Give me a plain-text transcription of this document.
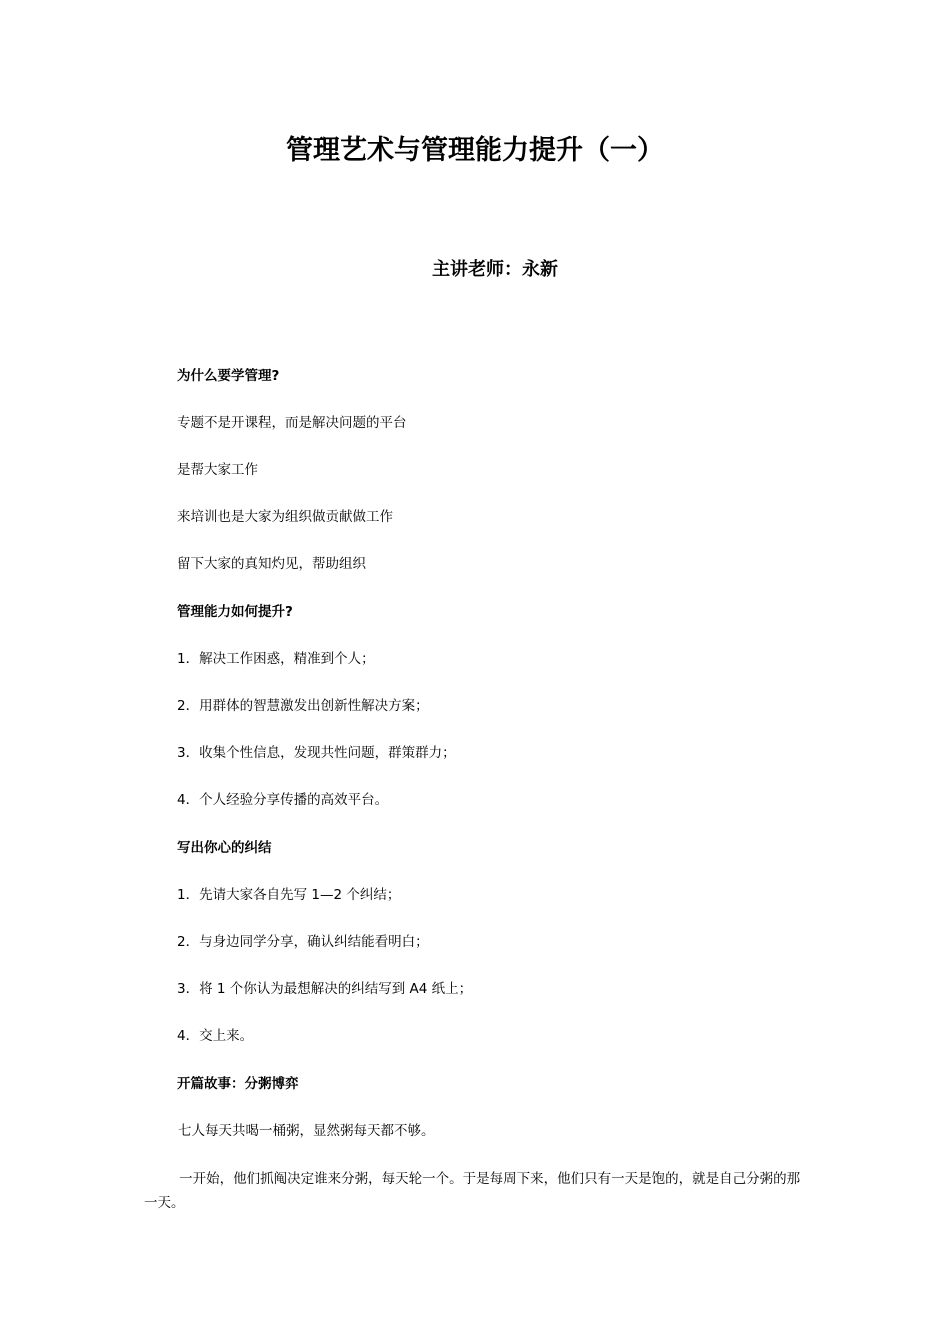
管理艺术与管理能力提升（一）
主讲老师：永新
为什么要学管理?
专题不是开课程，而是解决问题的平台
是帮大家工作
来培训也是大家为组织做贡献做工作
留下大家的真知灼见，帮助组织
管理能力如何提升?
1．解决工作困惑，精准到个人；
2．用群体的智慧激发出创新性解决方案；
3．收集个性信息，发现共性问题，群策群力；
4．个人经验分享传播的高效平台。
写出你心的纠结
1．先请大家各自先写 1—2 个纠结；
2．与身边同学分享，确认纠结能看明白；
3．将 1 个你认为最想解决的纠结写到 A4 纸上；
4．交上来。
开篇故事：分粥博弈
七人每天共喝一桶粥，显然粥每天都不够。
一开始，他们抓阄决定谁来分粥，每天轮一个。于是每周下来，他们只有一天是饱的，就是自己分粥的那一天。
